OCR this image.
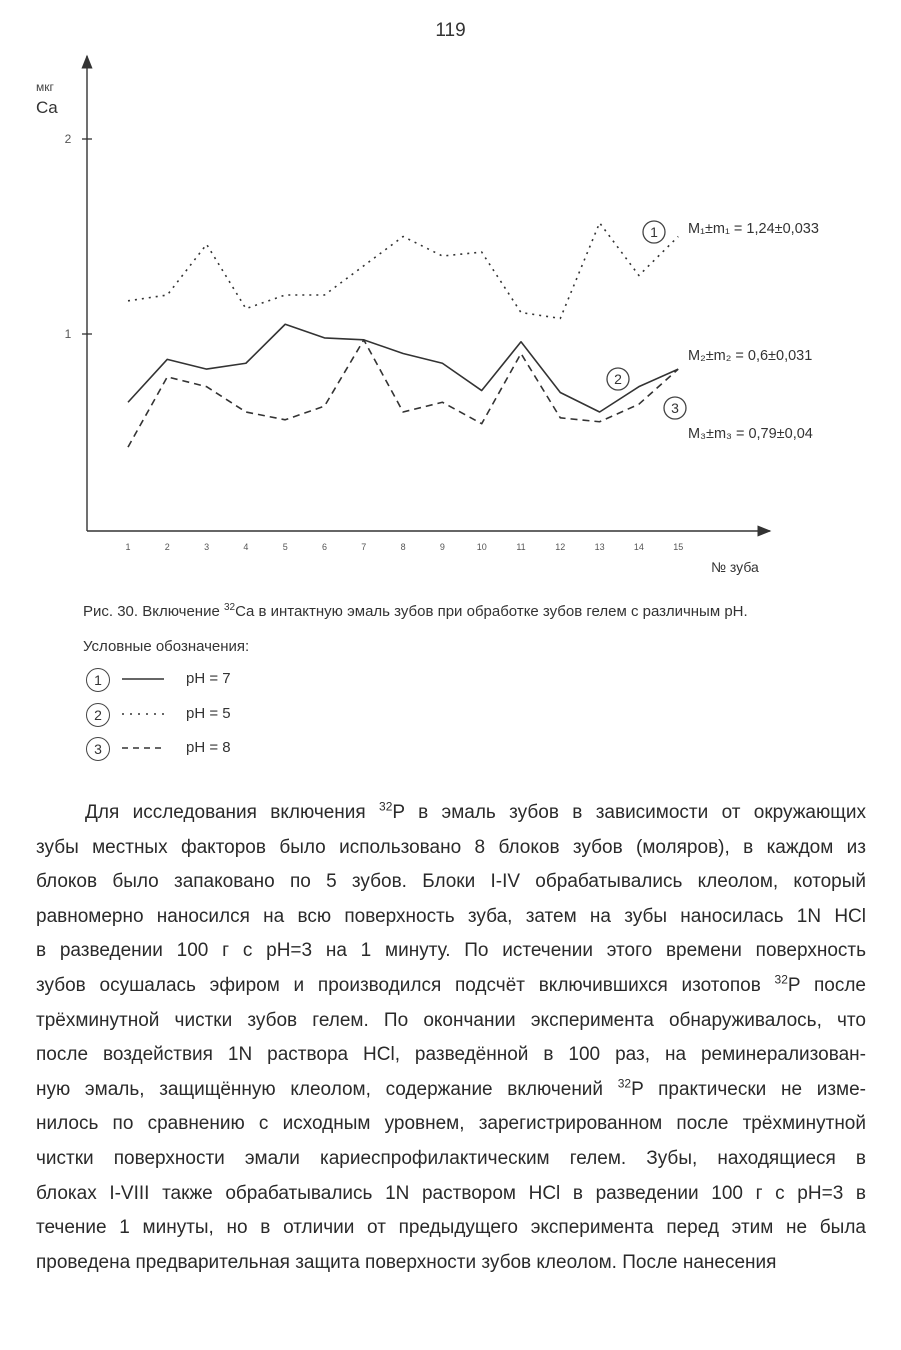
119
мкг
Ca
№ зуба
1
2
1	2	3	4	5	6	7	8	9	10	11	12	13	14	15
1 M₁±m₁ = 1,24±0,033
2
M₂±m₂ = 0,6±0,031
3
M₃±m₃ = 0,79±0,04
Рис. 30. Включение $^{32}$Ca в интактную эмаль зубов при обработке зубов гелем с различным pH.
Условные обозначения:
1	pH = 7
2	pH = 5
3	pH = 8
Для исследования включения $^{32}$P в эмаль зубов в зависимости от окружающих
зубы местных факторов было использовано 8 блоков зубов (моляров), в каждом из
блоков было запаковано по 5 зубов. Блоки I-IV обрабатывались клеолом, который
равномерно наносился на всю поверхность зуба, затем на зубы наносилась 1N HCl
в разведении 100 г с pH=3 на 1 минуту. По истечении этого времени поверхность
зубов осушалась эфиром и производился подсчёт включившихся изотопов $^{32}$P после
трёхминутной чистки зубов гелем. По окончании эксперимента обнаруживалось, что
после воздействия 1N раствора HCl, разведённой в 100 раз, на реминерализован-
ную эмаль, защищённую клеолом, содержание включений $^{32}$P практически не изме-
нилось по сравнению с исходным уровнем, зарегистрированном после трёхминутной
чистки поверхности эмали кариеспрофилактическим гелем. Зубы, находящиеся в
блоках I-VIII также обрабатывались 1N раствором HCl в разведении 100 г с pH=3 в
течение 1 минуты, но в отличии от предыдущего эксперимента перед этим не была
проведена предварительная защита поверхности зубов клеолом. После нанесения
